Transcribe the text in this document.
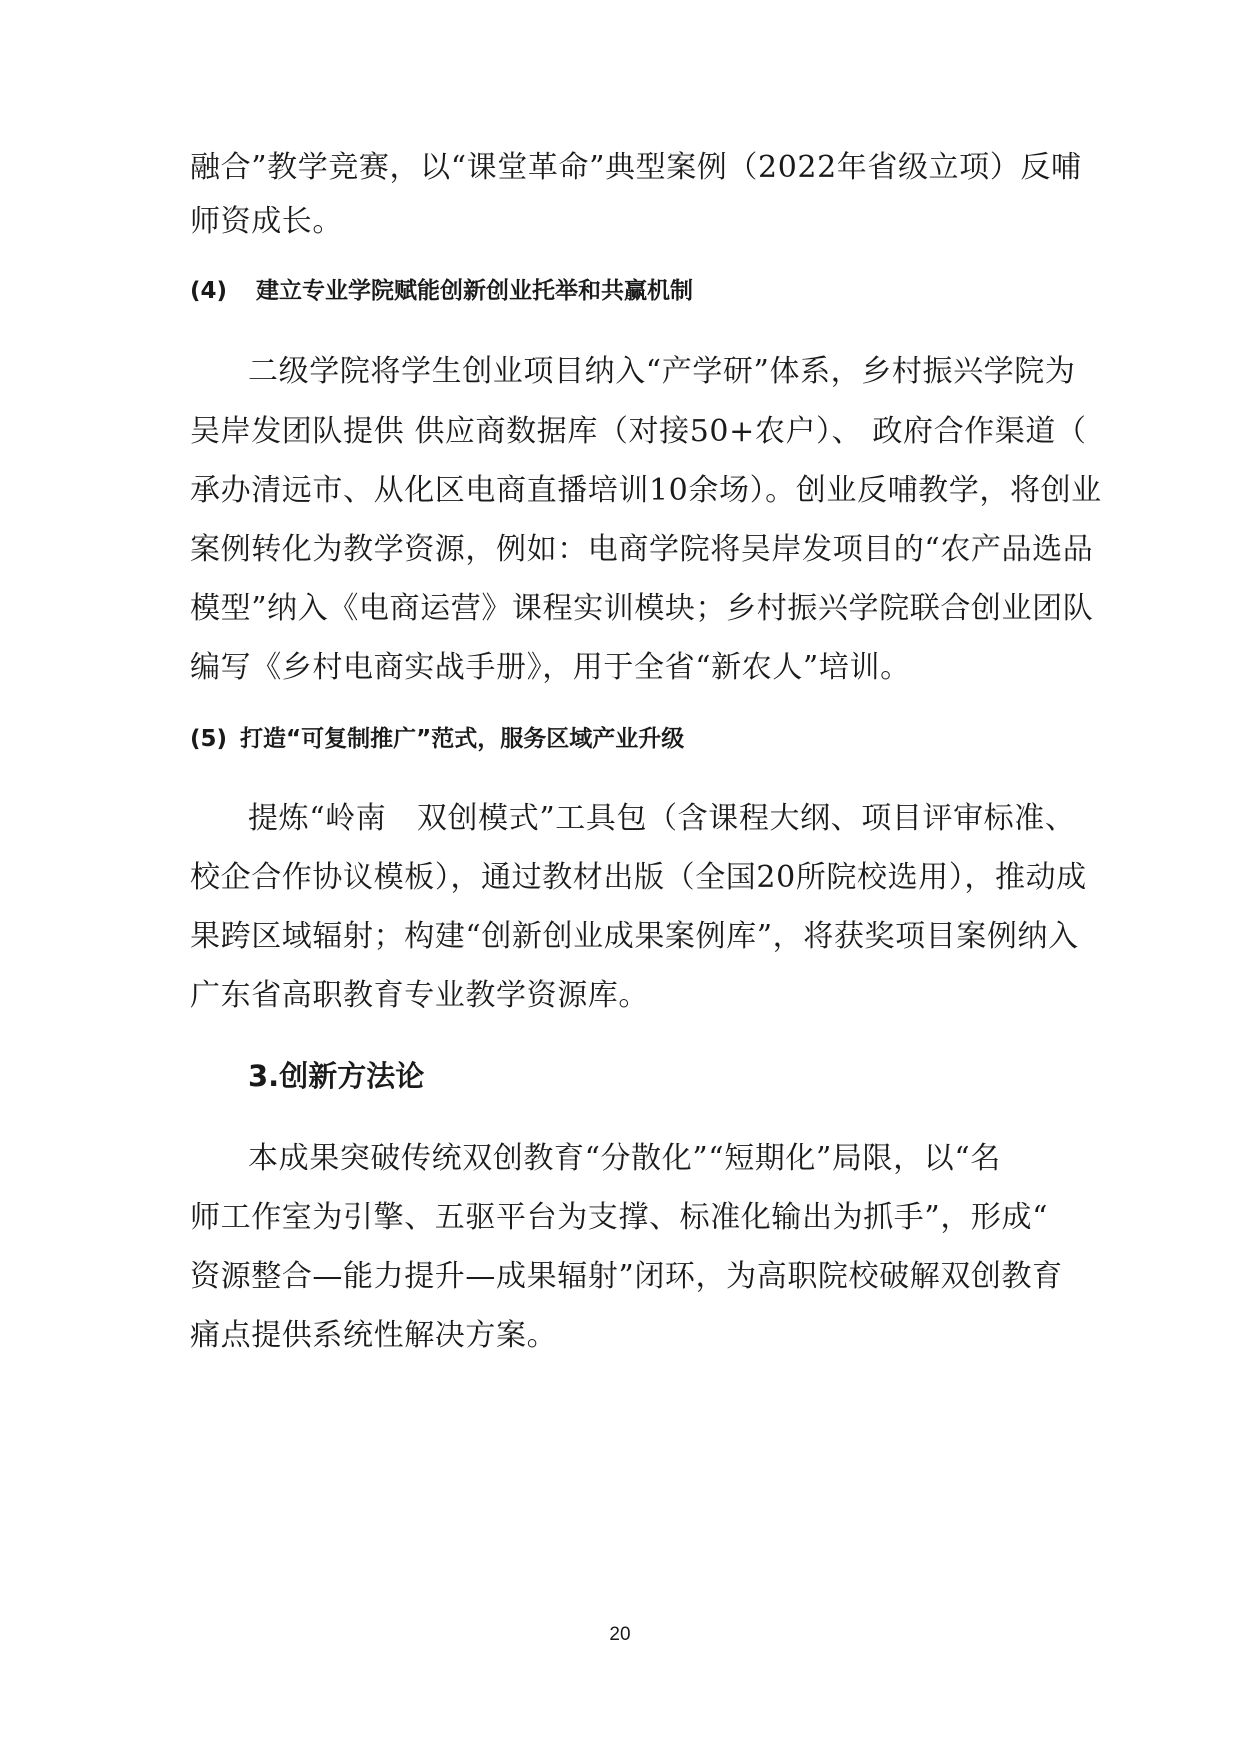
融合”教学竞赛，以“课堂革命”典型案例（2022年省级立项）反哺
师资成长。
(4) 建立专业学院赋能创新创业托举和共赢机制
二级学院将学生创业项目纳入“产学研”体系，乡村振兴学院为
吴岸发团队提供 供应商数据库（对接50+农户）、 政府合作渠道（
承办清远市、从化区电商直播培训10余场）。创业反哺教学，将创业
案例转化为教学资源，例如：电商学院将吴岸发项目的“农产品选品
模型”纳入《电商运营》课程实训模块；乡村振兴学院联合创业团队
编写《乡村电商实战手册》，用于全省“新农人”培训。
(5) 打造“可复制推广”范式，服务区域产业升级
提炼“岭南　双创模式”工具包（含课程大纲、项目评审标准、
校企合作协议模板），通过教材出版（全国20所院校选用），推动成
果跨区域辐射；构建“创新创业成果案例库”，将获奖项目案例纳入
广东省高职教育专业教学资源库。
3.创新方法论
本成果突破传统双创教育“分散化”“短期化”局限，以“名
师工作室为引擎、五驱平台为支撑、标准化输出为抓手”，形成“
资源整合—能力提升—成果辐射”闭环，为高职院校破解双创教育
痛点提供系统性解决方案。
20
